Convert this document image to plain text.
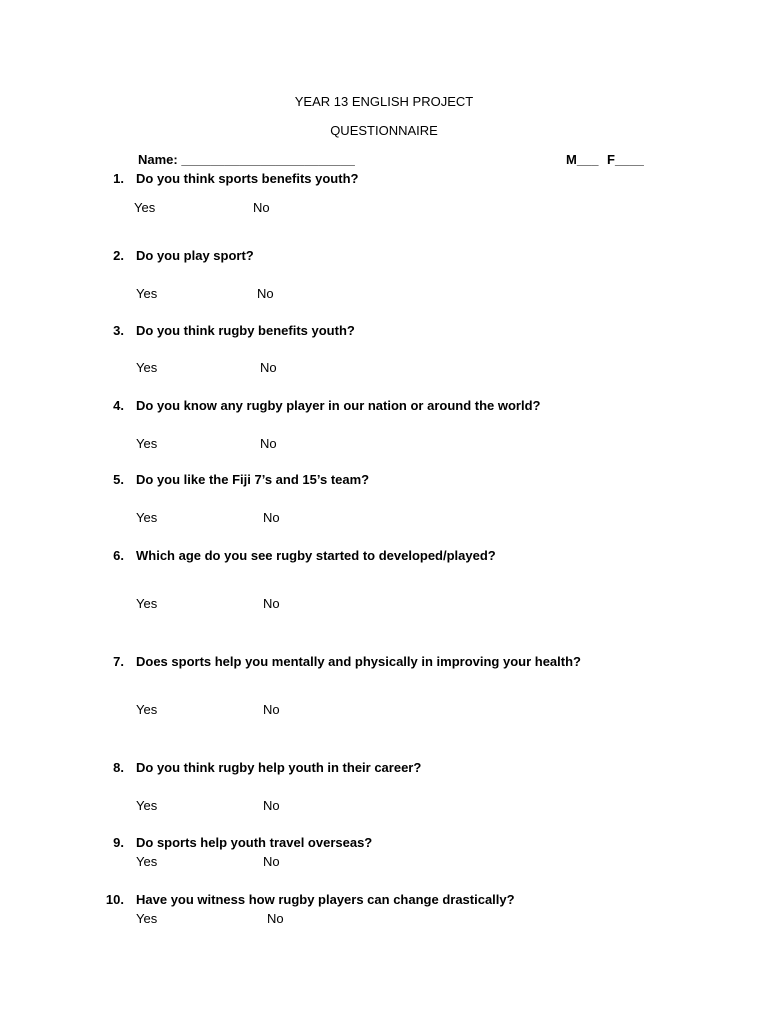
YEAR 13 ENGLISH PROJECT
QUESTIONNAIRE
Name: ________________________	M___ F____
1. Do you think sports benefits youth?
Yes	No
2. Do you play sport?
Yes	No
3. Do you think rugby benefits youth?
Yes	No
4. Do you know any rugby player in our nation or around the world?
Yes	No
5. Do you like the Fiji 7’s and 15’s team?
Yes	No
6. Which age do you see rugby started to developed/played?
Yes	No
7. Does sports help you mentally and physically in improving your health?
Yes	No
8. Do you think rugby help youth in their career?
Yes	No
9. Do sports help youth travel overseas?
Yes	No
10. Have you witness how rugby players can change drastically?
Yes	No
